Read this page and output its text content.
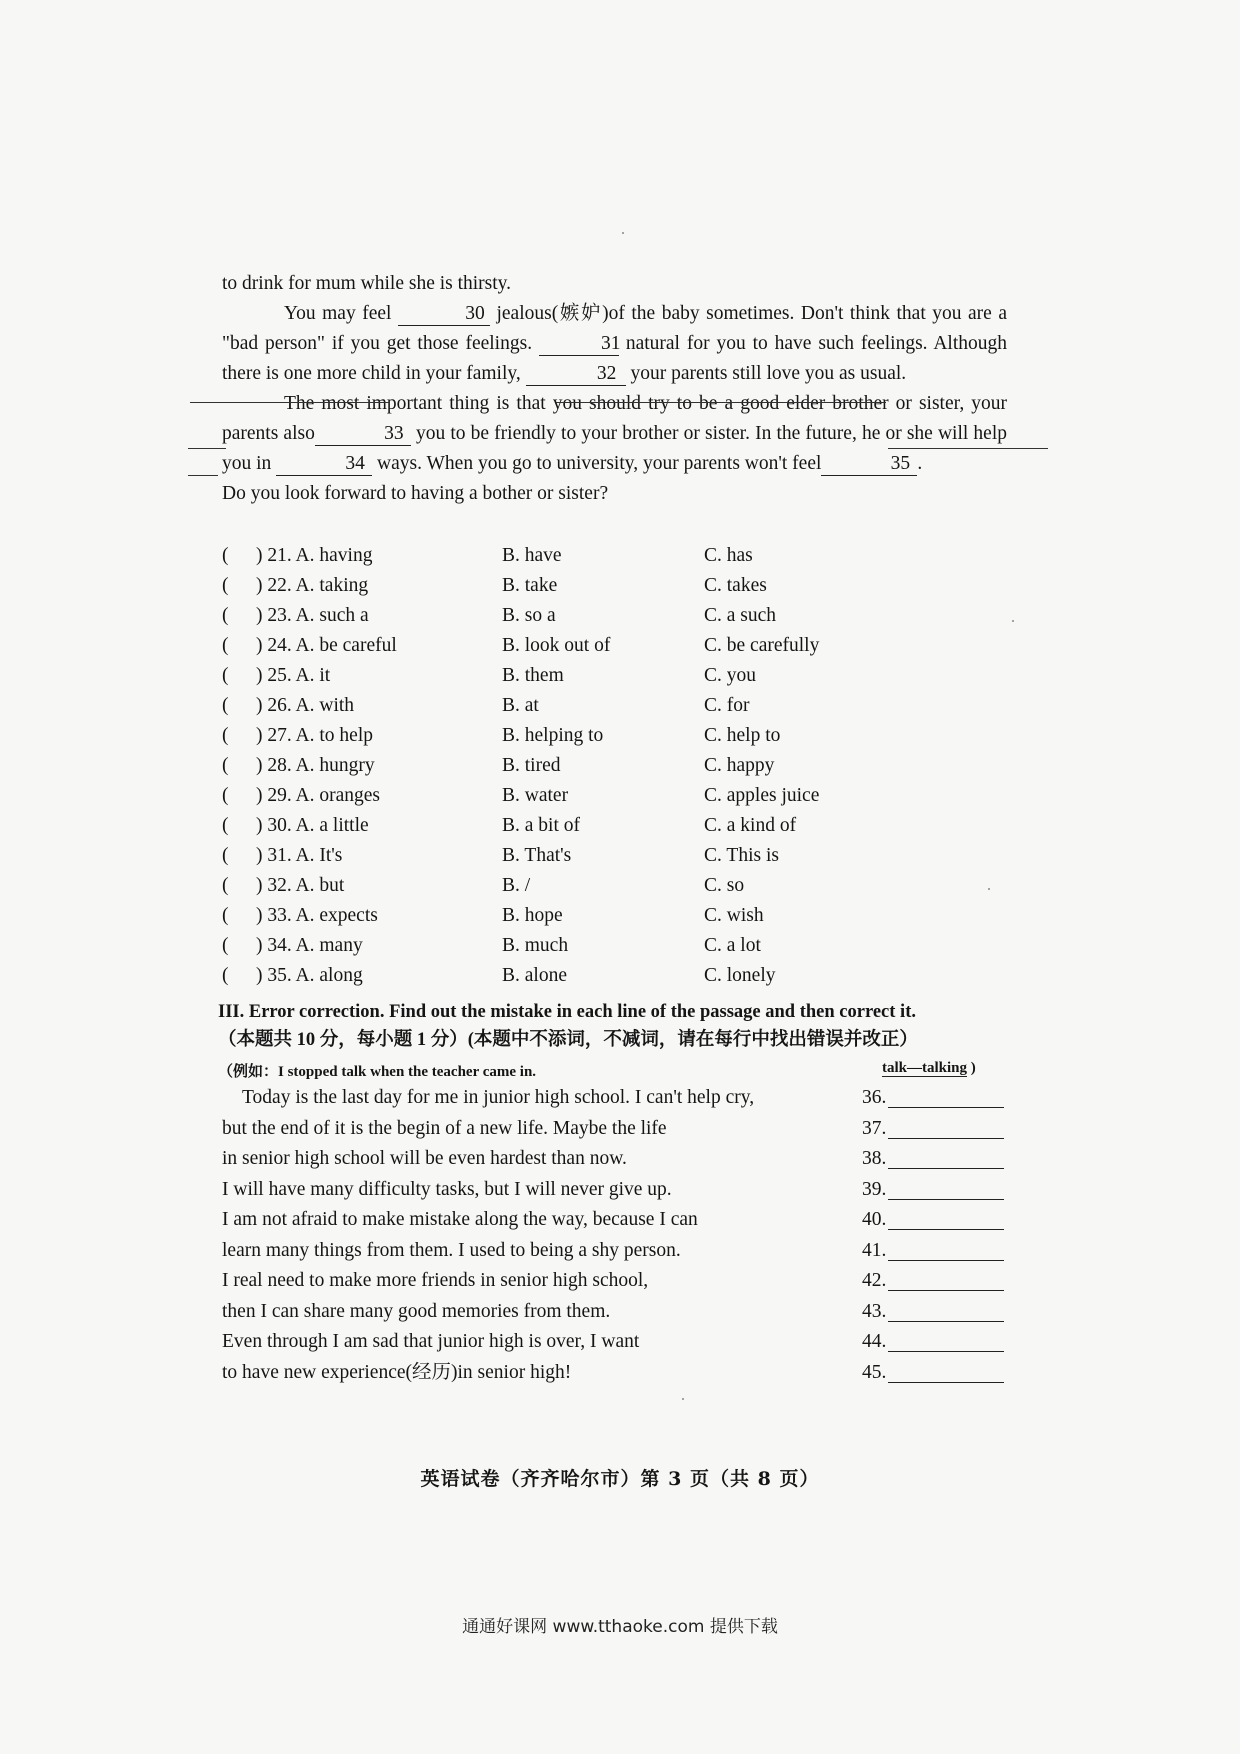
to drink for mum while she is thirsty.

You may feel	30 jealous(嫉妒)of the baby sometimes. Don't think that you are a "bad person" if you get those feelings.	31 natural for you to have such feelings. Although there is one more child in your family,	32 your parents still love you as usual.

The most important thing is that you should try to be a good elder brother or sister, your parents also	33 you to be friendly to your brother or sister. In the future, he or she will help you in	34 ways. When you go to university, your parents won't feel	35 .

Do you look forward to having a bother or sister?

( ) 21. A. having	B. have	C. has
( ) 22. A. taking	B. take	C. takes
( ) 23. A. such a	B. so a	C. a such
( ) 24. A. be careful	B. look out of	C. be carefully
( ) 25. A. it	B. them	C. you
( ) 26. A. with	B. at	C. for
( ) 27. A. to help	B. helping to	C. help to
( ) 28. A. hungry	B. tired	C. happy
( ) 29. A. oranges	B. water	C. apples juice
( ) 30. A. a little	B. a bit of	C. a kind of
( ) 31. A. It's	B. That's	C. This is
( ) 32. A. but	B. /	C. so
( ) 33. A. expects	B. hope	C. wish
( ) 34. A. many	B. much	C. a lot
( ) 35. A. along	B. alone	C. lonely
III. Error correction. Find out the mistake in each line of the passage and then correct it.
（本题共 10 分，每小题 1 分）(本题中不添词，不减词，请在每行中找出错误并改正）
（例如：I stopped talk when the teacher came in.	talk—talking )
Today is the last day for me in junior high school. I can't help cry,	36.
but the end of it is the begin of a new life. Maybe the life	37.
in senior high school will be even hardest than now.	38.
I will have many difficulty tasks, but I will never give up.	39.
I am not afraid to make mistake along the way, because I can	40.
learn many things from them. I used to being a shy person.	41.
I real need to make more friends in senior high school,	42.
then I can share many good memories from them.	43.
Even through I am sad that junior high is over, I want	44.
to have new experience(经历)in senior high!	45.
英语试卷（齐齐哈尔市）第 3 页（共 8 页）
通通好课网 www.tthaoke.com 提供下载
